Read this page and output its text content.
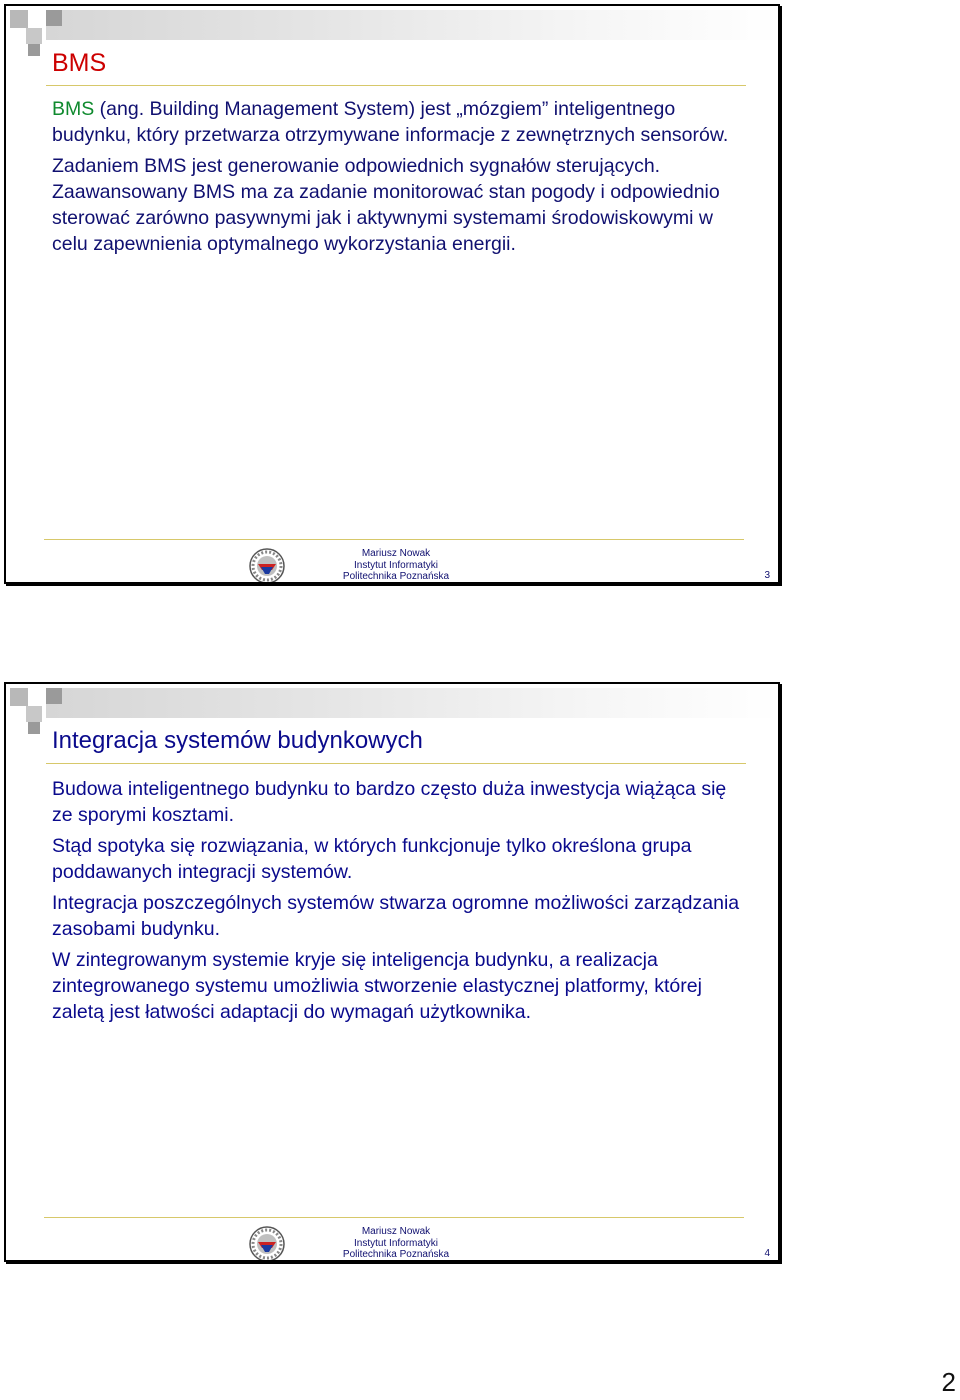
BMS

BMS (ang. Building Management System) jest „mózgiem” inteligentnego budynku, który przetwarza otrzymywane informacje z zewnętrznych sensorów.

Zadaniem BMS jest generowanie odpowiednich sygnałów sterujących. Zaawansowany BMS ma za zadanie monitorować stan pogody i odpowiednio sterować zarówno pasywnymi jak i aktywnymi systemami środowiskowymi w celu zapewnienia optymalnego wykorzystania energii.

Mariusz Nowak
Instytut Informatyki
Politechnika Poznańska	3
Integracja systemów budynkowych

Budowa inteligentnego budynku to bardzo często duża inwestycja wiążąca się ze sporymi kosztami.

Stąd spotyka się rozwiązania, w których funkcjonuje tylko określona grupa poddawanych integracji systemów.

Integracja poszczególnych systemów stwarza ogromne możliwości zarządzania zasobami budynku.

W zintegrowanym systemie kryje się inteligencja budynku, a realizacja zintegrowanego systemu umożliwia stworzenie elastycznej platformy, której zaletą jest łatwości adaptacji do wymagań użytkownika.

Mariusz Nowak
Instytut Informatyki
Politechnika Poznańska	4
2
